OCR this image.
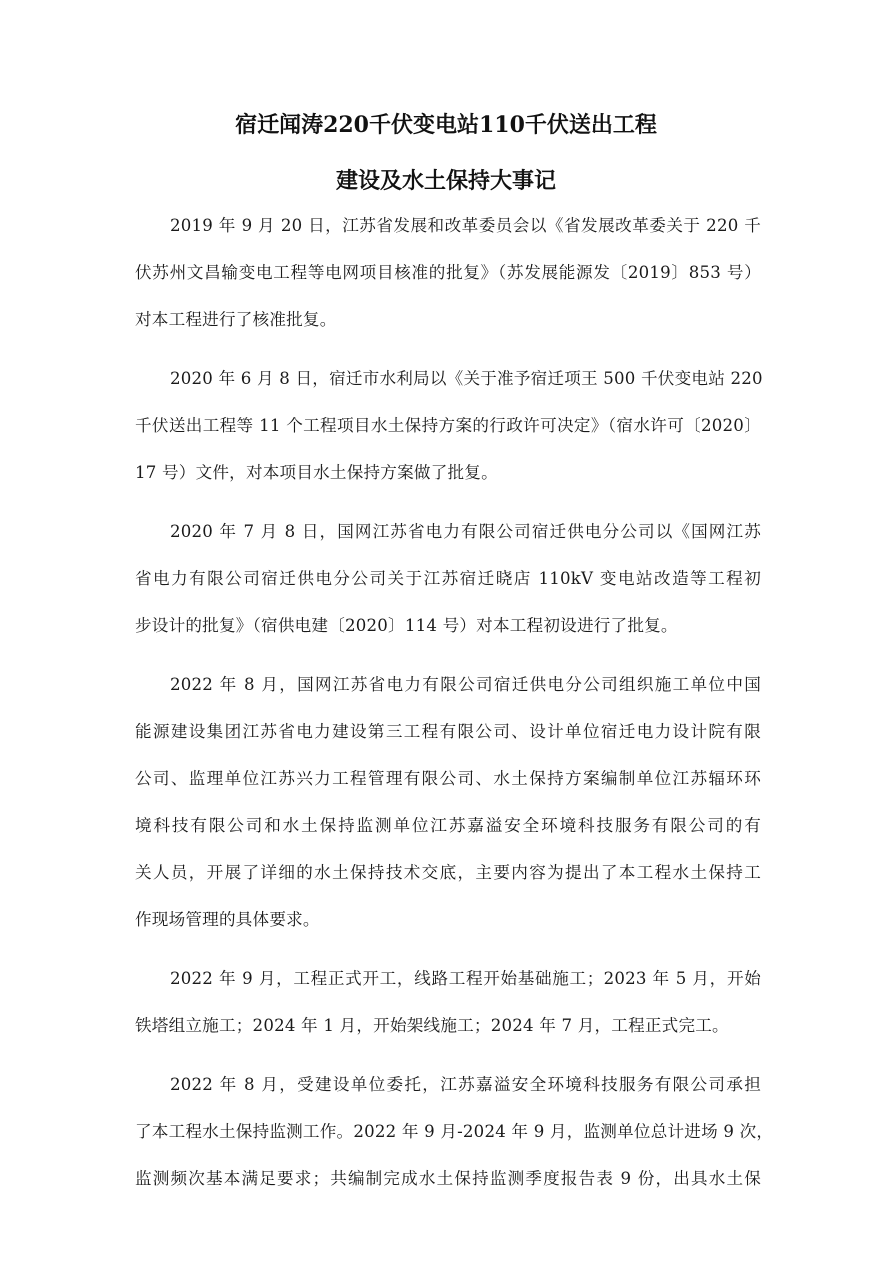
宿迁闻涛220千伏变电站110千伏送出工程

建设及水土保持大事记

2019 年 9 月 20 日，江苏省发展和改革委员会以《省发展改革委关于 220 千
伏苏州文昌输变电工程等电网项目核准的批复》（苏发展能源发〔2019〕853 号）
对本工程进行了核准批复。
2020 年 6 月 8 日，宿迁市水利局以《关于准予宿迁项王 500 千伏变电站 220
千伏送出工程等 11 个工程项目水土保持方案的行政许可决定》（宿水许可〔2020〕
17 号）文件，对本项目水土保持方案做了批复。
2020 年 7 月 8 日，国网江苏省电力有限公司宿迁供电分公司以《国网江苏
省电力有限公司宿迁供电分公司关于江苏宿迁晓店 110kV 变电站改造等工程初
步设计的批复》（宿供电建〔2020〕114 号）对本工程初设进行了批复。
2022 年 8 月，国网江苏省电力有限公司宿迁供电分公司组织施工单位中国
能源建设集团江苏省电力建设第三工程有限公司、设计单位宿迁电力设计院有限
公司、监理单位江苏兴力工程管理有限公司、水土保持方案编制单位江苏辐环环
境科技有限公司和水土保持监测单位江苏嘉溢安全环境科技服务有限公司的有
关人员，开展了详细的水土保持技术交底，主要内容为提出了本工程水土保持工
作现场管理的具体要求。
2022 年 9 月，工程正式开工，线路工程开始基础施工；2023 年 5 月，开始
铁塔组立施工；2024 年 1 月，开始架线施工；2024 年 7 月，工程正式完工。
2022 年 8 月，受建设单位委托，江苏嘉溢安全环境科技服务有限公司承担
了本工程水土保持监测工作。2022 年 9 月-2024 年 9 月，监测单位总计进场 9 次，
监测频次基本满足要求；共编制完成水土保持监测季度报告表 9 份，出具水土保
